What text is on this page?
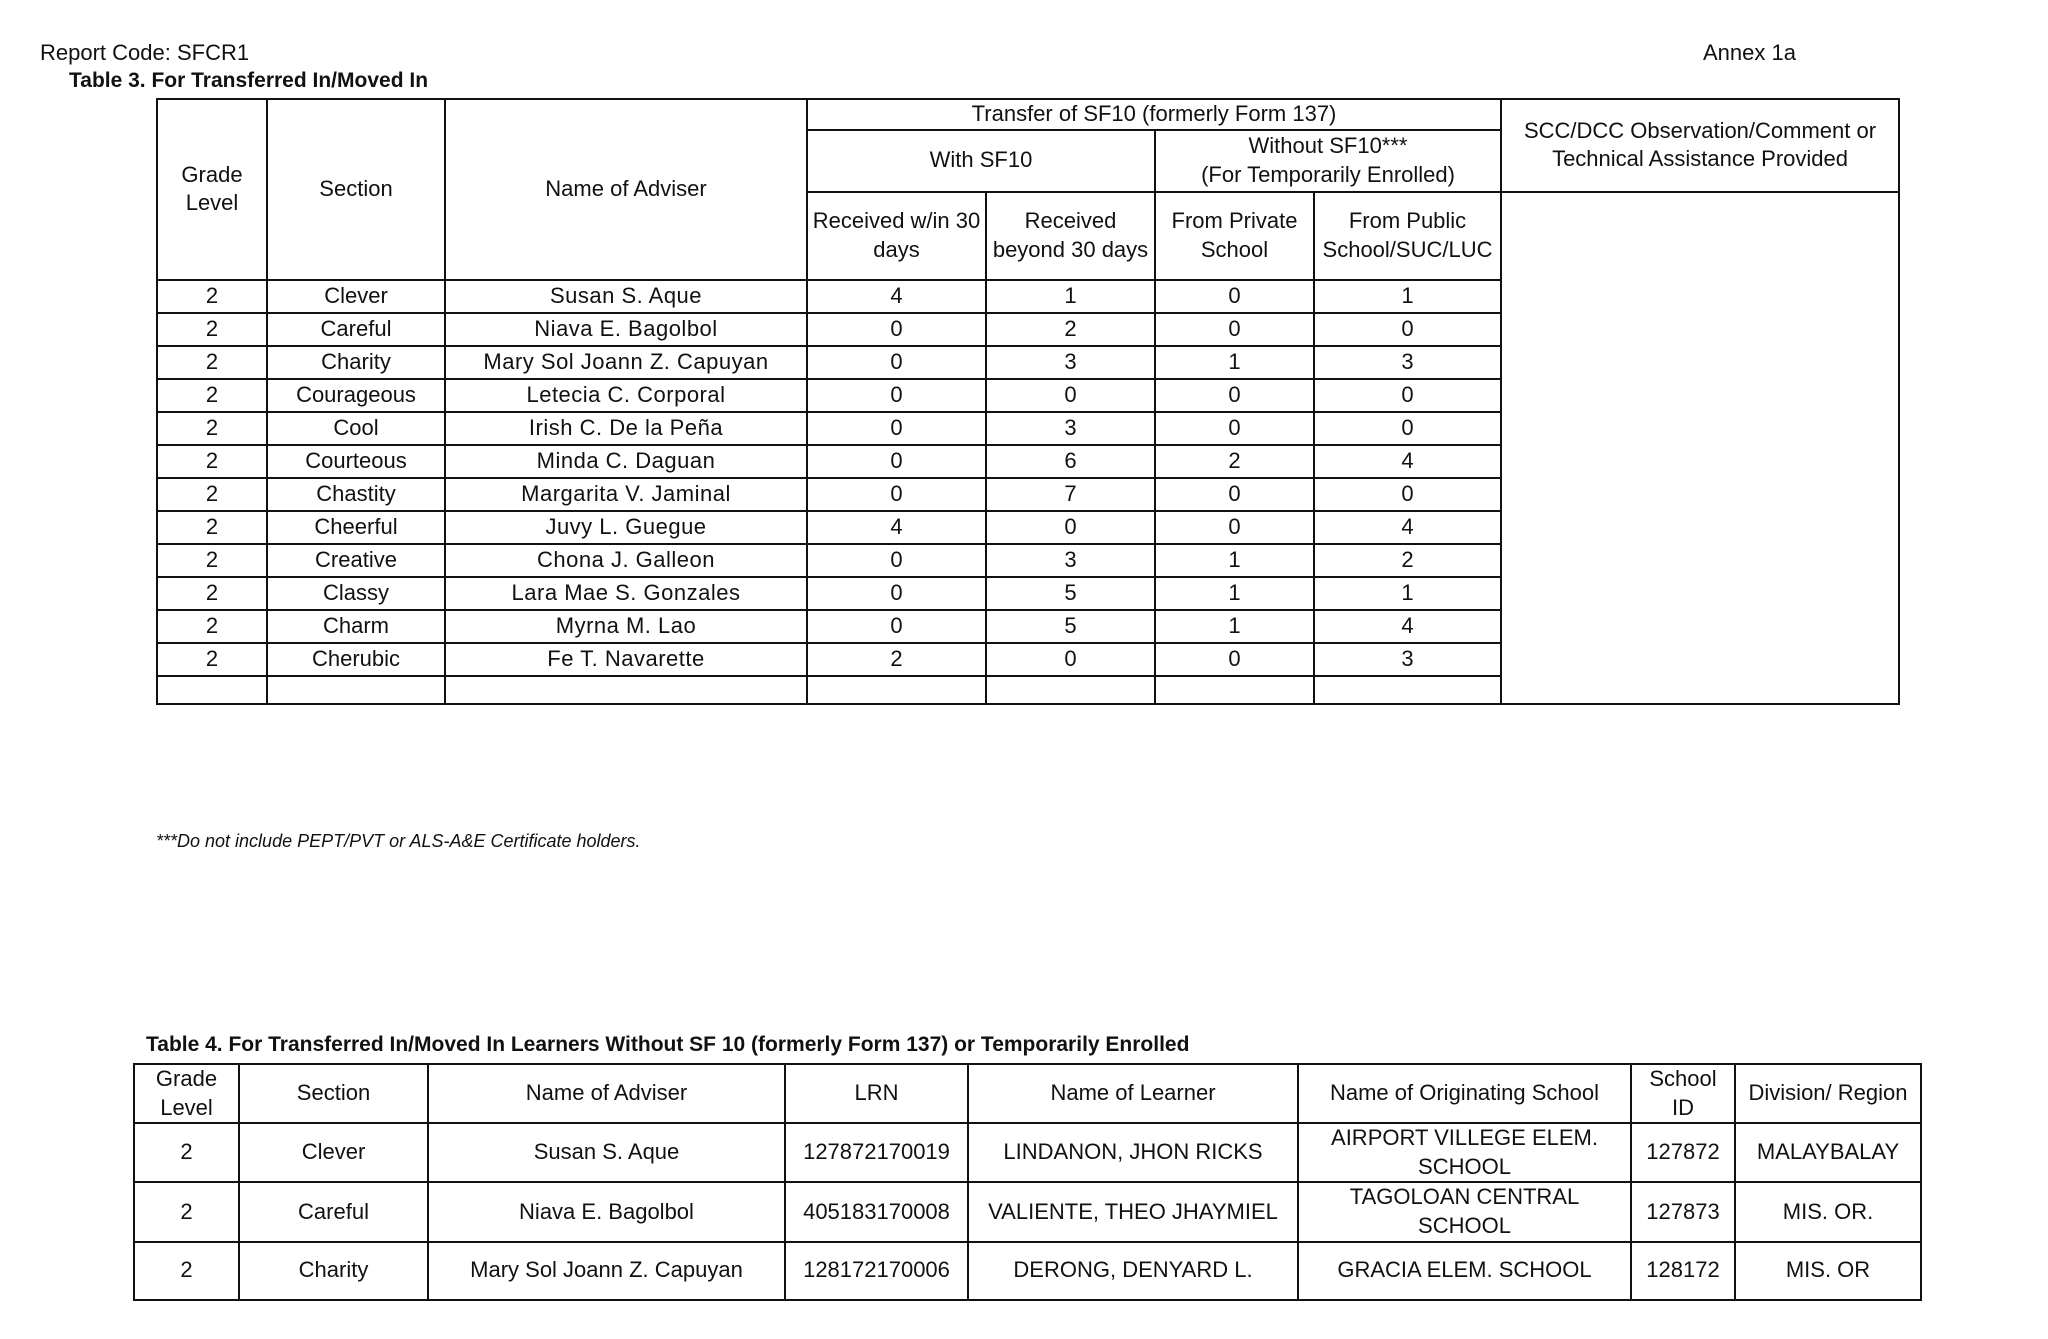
Report Code: SFCR1	Annex 1a
Table 3. For Transferred In/Moved In
Grade Level	Section	Name of Adviser	Transfer of SF10 (formerly Form 137)				SCC/DCC Observation/Comment or Technical Assistance Provided
			With SF10		Without SF10***
(For Temporarily Enrolled)		

			Received w/in 30 days	Received beyond 30 days	From Private School	From Public School/SUC/LUC	
2	Clever	Susan S. Aque	4	1	0	1	
2	Careful	Niava E. Bagolbol	0	2	0	0	
2	Charity	Mary Sol Joann Z. Capuyan	0	3	1	3	
2	Courageous	Letecia C. Corporal	0	0	0	0	
2	Cool	Irish C. De la Peña	0	3	0	0	
2	Courteous	Minda C. Daguan	0	6	2	4	
2	Chastity	Margarita V. Jaminal	0	7	0	0	
2	Cheerful	Juvy L. Guegue	4	0	0	4	
2	Creative	Chona J. Galleon	0	3	1	2	
2	Classy	Lara Mae S. Gonzales	0	5	1	1	
2	Charm	Myrna M. Lao	0	5	1	4	
2	Cherubic	Fe T. Navarette	2	0	0	3	

***Do not include PEPT/PVT or ALS-A&E Certificate holders.
Table 4. For Transferred In/Moved In Learners Without SF 10 (formerly Form 137) or Temporarily Enrolled
Grade Level	Section	Name of Adviser	LRN	Name of Learner	Name of Originating School	School ID	Division/ Region
2	Clever	Susan S. Aque	127872170019	LINDANON, JHON RICKS	AIRPORT VILLEGE ELEM. SCHOOL	127872	MALAYBALAY
2	Careful	Niava E. Bagolbol	405183170008	VALIENTE, THEO JHAYMIEL	TAGOLOAN CENTRAL SCHOOL	127873	MIS. OR.
2	Charity	Mary Sol Joann Z. Capuyan	128172170006	DERONG, DENYARD L.	GRACIA ELEM. SCHOOL	128172	MIS. OR
